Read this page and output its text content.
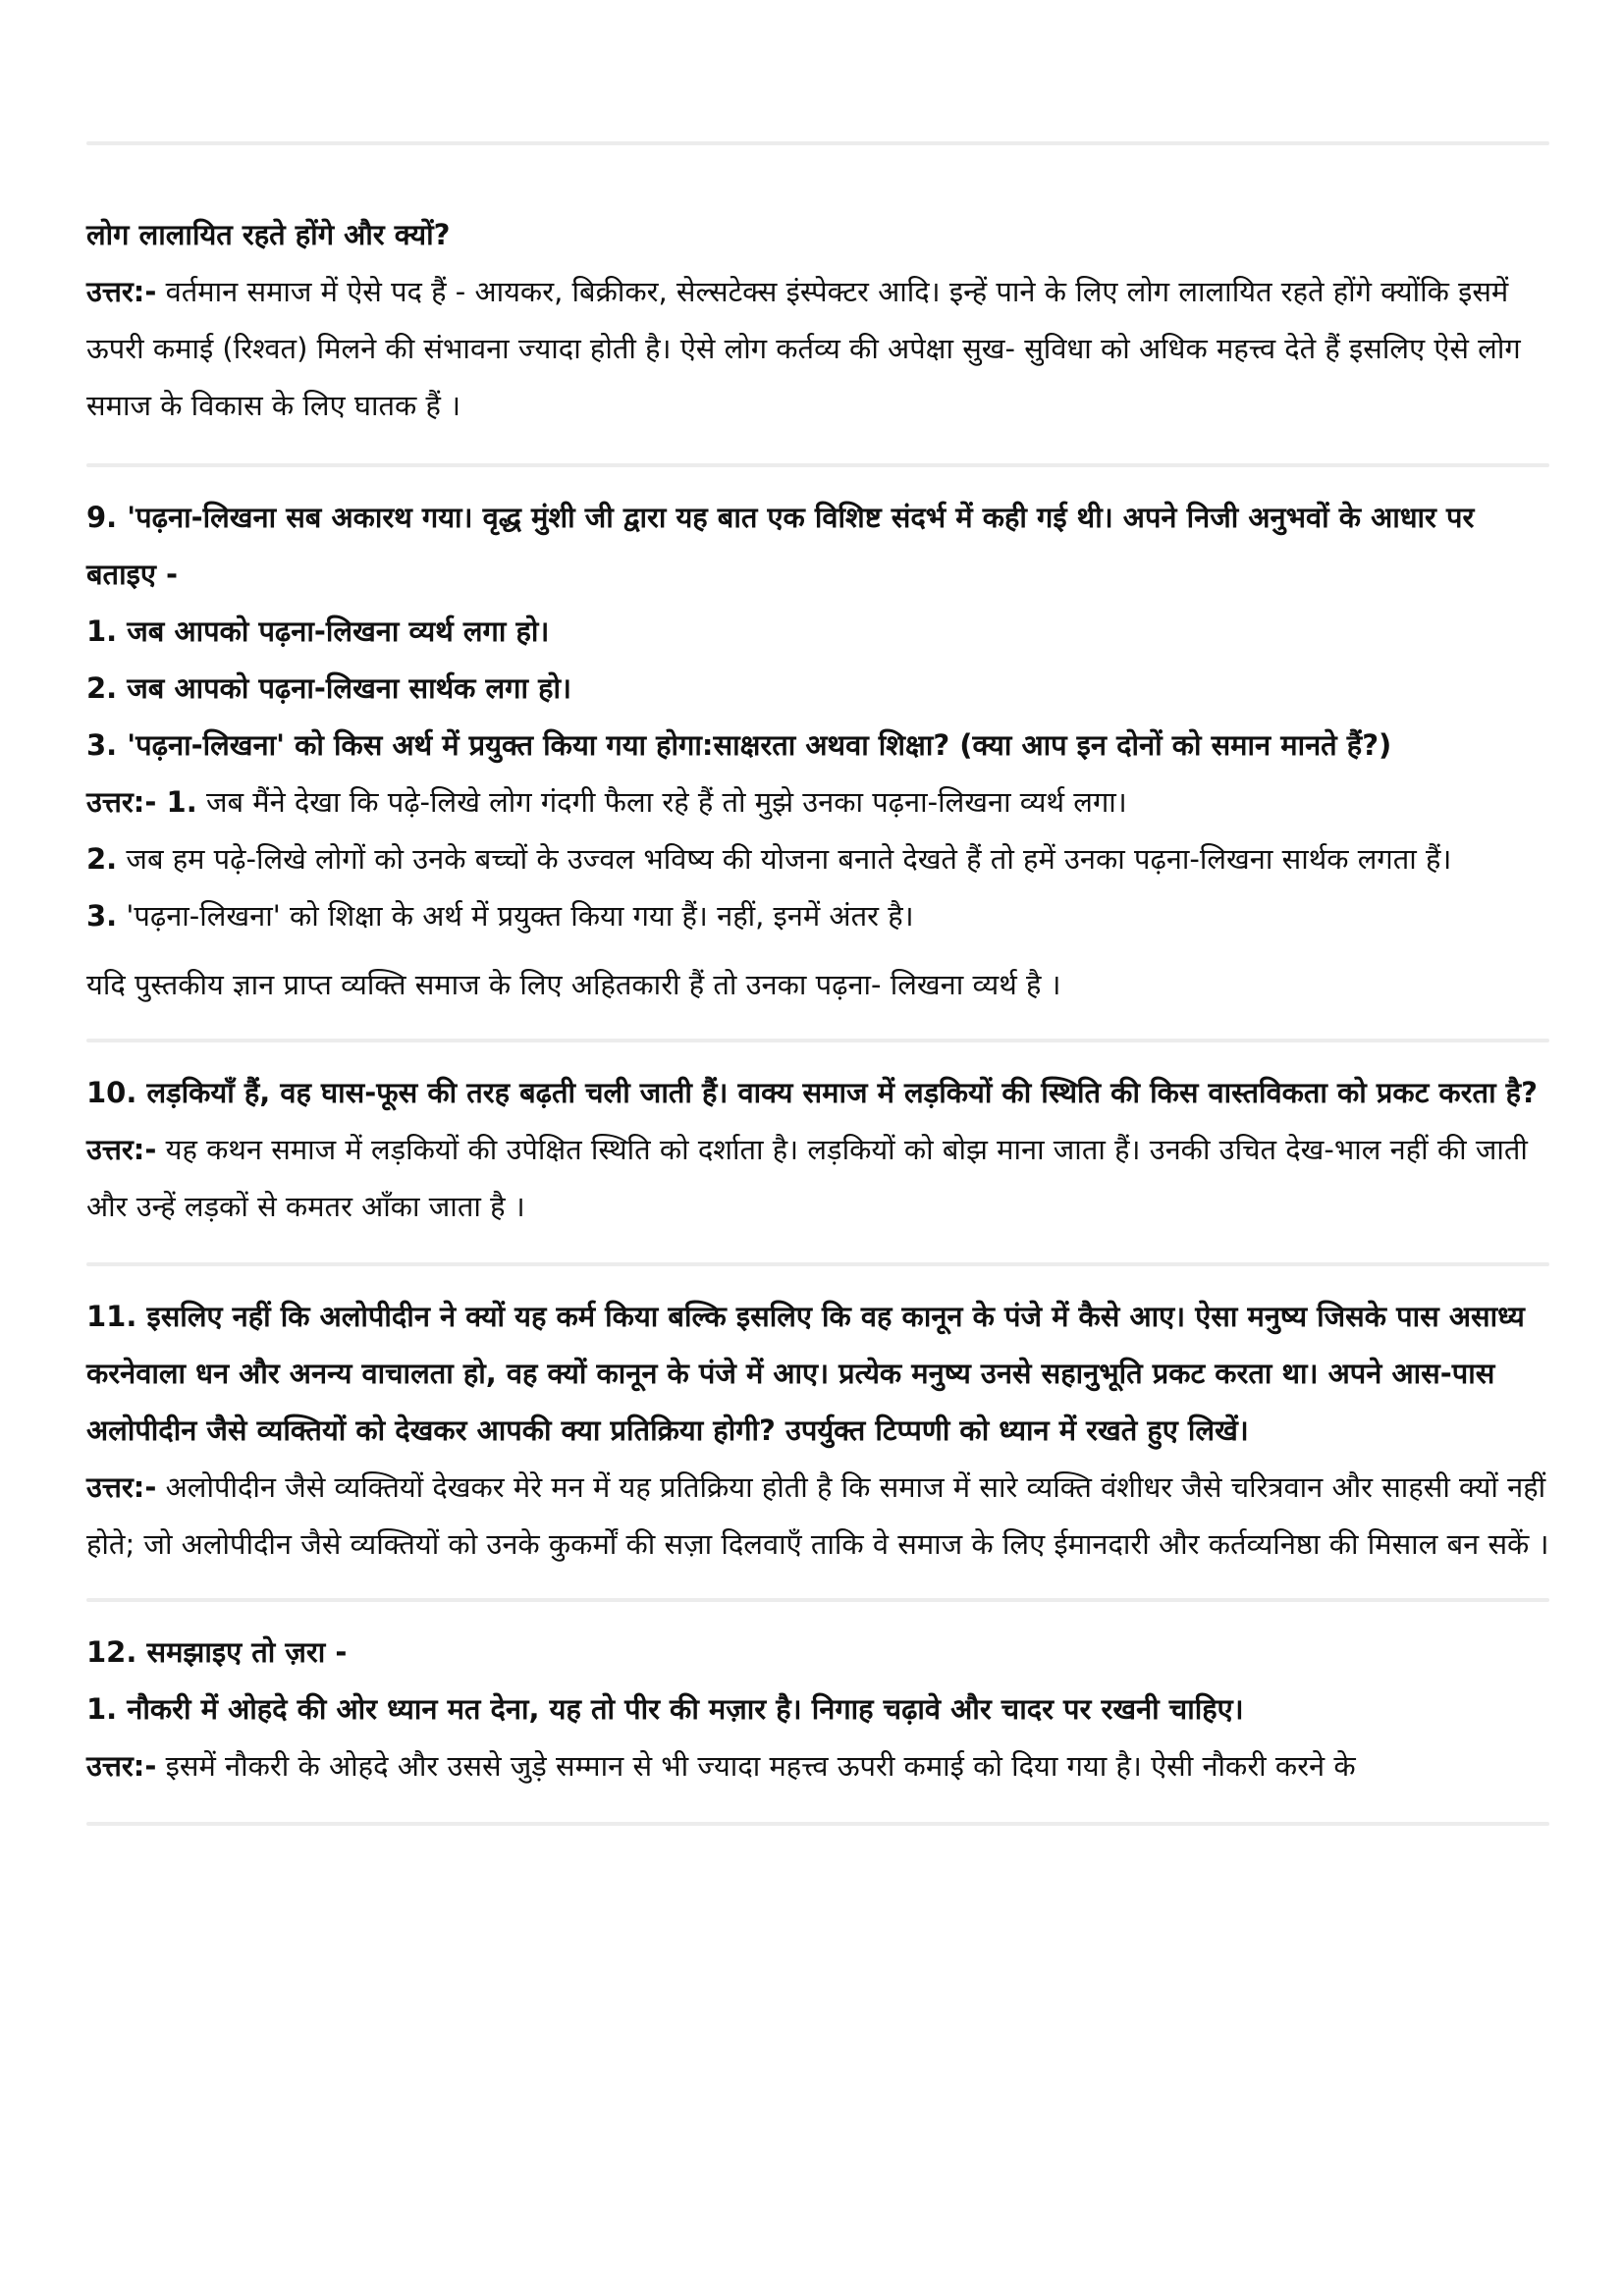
लोग लालायित रहते होंगे और क्यों?

उत्तर:- वर्तमान समाज में ऐसे पद हैं - आयकर, बिक्रीकर, सेल्सटेक्स इंस्पेक्टर आदि। इन्हें पाने के लिए लोग लालायित रहते होंगे क्योंकि इसमें ऊपरी कमाई (रिश्वत) मिलने की संभावना ज्यादा होती है। ऐसे लोग कर्तव्य की अपेक्षा सुख- सुविधा को अधिक महत्त्व देते हैं इसलिए ऐसे लोग समाज के विकास के लिए घातक हैं ।

9. 'पढ़ना-लिखना सब अकारथ गया। वृद्ध मुंशी जी द्वारा यह बात एक विशिष्ट संदर्भ में कही गई थी। अपने निजी अनुभवों के आधार पर बताइए -

1. जब आपको पढ़ना-लिखना व्यर्थ लगा हो।

2. जब आपको पढ़ना-लिखना सार्थक लगा हो।

3. 'पढ़ना-लिखना' को किस अर्थ में प्रयुक्त किया गया होगा:साक्षरता अथवा शिक्षा? (क्या आप इन दोनों को समान मानते हैं?)

उत्तर:- 1. जब मैंने देखा कि पढ़े-लिखे लोग गंदगी फैला रहे हैं तो मुझे उनका पढ़ना-लिखना व्यर्थ लगा।

2. जब हम पढ़े-लिखे लोगों को उनके बच्चों के उज्वल भविष्य की योजना बनाते देखते हैं तो हमें उनका पढ़ना-लिखना सार्थक लगता हैं।

3. 'पढ़ना-लिखना' को शिक्षा के अर्थ में प्रयुक्त किया गया हैं। नहीं, इनमें अंतर है।

यदि पुस्तकीय ज्ञान प्राप्त व्यक्ति समाज के लिए अहितकारी हैं तो उनका पढ़ना- लिखना व्यर्थ है ।

10. लड़कियाँ हैं, वह घास-फूस की तरह बढ़ती चली जाती हैं। वाक्य समाज में लड़कियों की स्थिति की किस वास्तविकता को प्रकट करता है?

उत्तर:- यह कथन समाज में लड़कियों की उपेक्षित स्थिति को दर्शाता है। लड़कियों को बोझ माना जाता हैं। उनकी उचित देख-भाल नहीं की जाती और उन्हें लड़कों से कमतर आँका जाता है ।

11. इसलिए नहीं कि अलोपीदीन ने क्यों यह कर्म किया बल्कि इसलिए कि वह कानून के पंजे में कैसे आए। ऐसा मनुष्य जिसके पास असाध्य करनेवाला धन और अनन्य वाचालता हो, वह क्यों कानून के पंजे में आए। प्रत्येक मनुष्य उनसे सहानुभूति प्रकट करता था। अपने आस-पास अलोपीदीन जैसे व्यक्तियों को देखकर आपकी क्या प्रतिक्रिया होगी? उपर्युक्त टिप्पणी को ध्यान में रखते हुए लिखें।

उत्तर:- अलोपीदीन जैसे व्यक्तियों देखकर मेरे मन में यह प्रतिक्रिया होती है कि समाज में सारे व्यक्ति वंशीधर जैसे चरित्रवान और साहसी क्यों नहीं होते; जो अलोपीदीन जैसे व्यक्तियों को उनके कुकर्मों की सज़ा दिलवाएँ ताकि वे समाज के लिए ईमानदारी और कर्तव्यनिष्ठा की मिसाल बन सकें ।

12. समझाइए तो ज़रा -

1. नौकरी में ओहदे की ओर ध्यान मत देना, यह तो पीर की मज़ार है। निगाह चढ़ावे और चादर पर रखनी चाहिए।

उत्तर:- इसमें नौकरी के ओहदे और उससे जुड़े सम्मान से भी ज्यादा महत्त्व ऊपरी कमाई को दिया गया है। ऐसी नौकरी करने के
